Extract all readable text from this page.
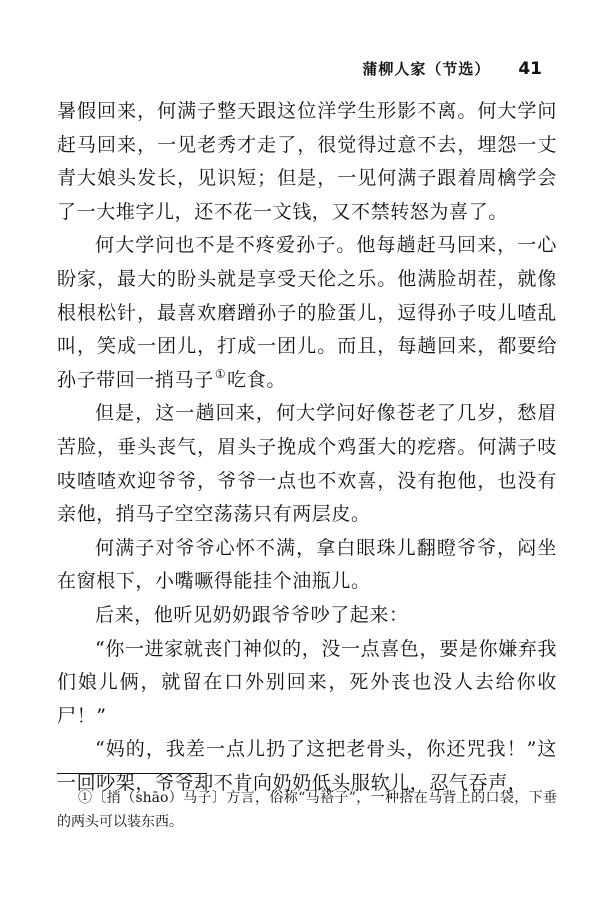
蒲柳人家（节选） 41

暑假回来，何满子整天跟这位洋学生形影不离。何大学问赶马回来，一见老秀才走了，很觉得过意不去，埋怨一丈青大娘头发长，见识短；但是，一见何满子跟着周檎学会了一大堆字儿，还不花一文钱，又不禁转怒为喜了。

何大学问也不是不疼爱孙子。他每趟赶马回来，一心盼家，最大的盼头就是享受天伦之乐。他满脸胡茬，就像根根松针，最喜欢磨蹭孙子的脸蛋儿，逗得孙子吱儿喳乱叫，笑成一团儿，打成一团儿。而且，每趟回来，都要给孙子带回一捎马子①吃食。

但是，这一趟回来，何大学问好像苍老了几岁，愁眉苦脸，垂头丧气，眉头子挽成个鸡蛋大的疙瘩。何满子吱吱喳喳欢迎爷爷，爷爷一点也不欢喜，没有抱他，也没有亲他，捎马子空空荡荡只有两层皮。

何满子对爷爷心怀不满，拿白眼珠儿翻瞪爷爷，闷坐在窗根下，小嘴噘得能挂个油瓶儿。

后来，他听见奶奶跟爷爷吵了起来：

“你一进家就丧门神似的，没一点喜色，要是你嫌弃我们娘儿俩，就留在口外别回来，死外丧也没人去给你收尸！”

“妈的，我差一点儿扔了这把老骨头，你还咒我！”这一回吵架，爷爷却不肯向奶奶低头服软儿，忍气吞声，

①〔捎（shāo）马子〕方言，俗称“马褡子”，一种搭在马背上的口袋，下垂的两头可以装东西。
